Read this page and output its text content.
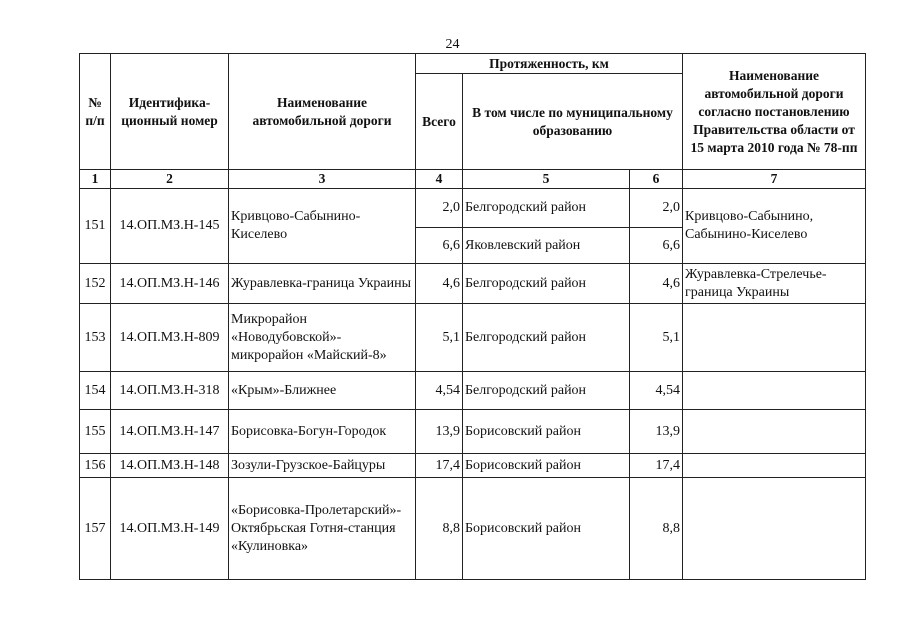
24
№ п/п	Идентифика-ционный номер	Наименование автомобильной дороги	Протяженность, км			Наименование автомобильной дороги согласно постановлению Правительства области от 15 марта 2010 года № 78-пп
			Всего	В том числе по муниципальному образованию		
1	2	3	4	5	6	7
151	14.ОП.МЗ.Н-145	Кривцово-Сабынино-Киселево	2,0	Белгородский район	2,0	Кривцово-Сабынино, Сабынино-Киселево
			6,6	Яковлевский район	6,6	
152	14.ОП.МЗ.Н-146	Журавлевка-граница Украины	4,6	Белгородский район	4,6	Журавлевка-Стрелечье-граница Украины
153	14.ОП.МЗ.Н-809	Микрорайон «Новодубовской»-микрорайон «Майский-8»	5,1	Белгородский район	5,1	
154	14.ОП.МЗ.Н-318	«Крым»-Ближнее	4,54	Белгородский район	4,54	
155	14.ОП.МЗ.Н-147	Борисовка-Богун-Городок	13,9	Борисовский район	13,9	
156	14.ОП.МЗ.Н-148	Зозули-Грузское-Байцуры	17,4	Борисовский район	17,4	
157	14.ОП.МЗ.Н-149	«Борисовка-Пролетарский»-Октябрьская Готня-станция «Кулиновка»	8,8	Борисовский район	8,8	
